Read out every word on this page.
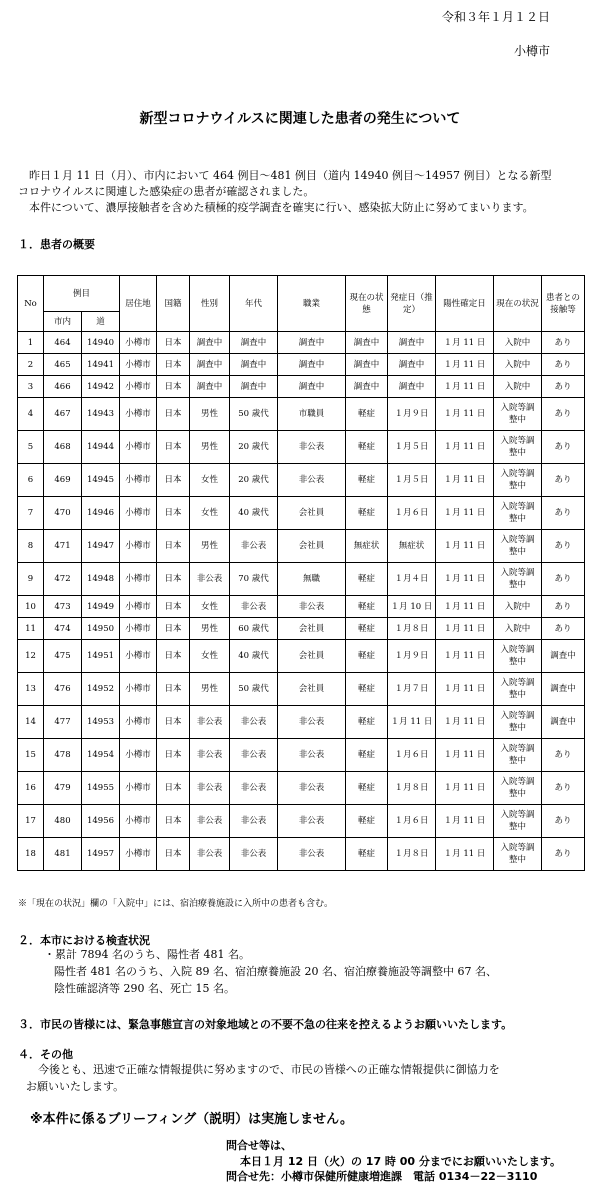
令和３年１月１２日
小樽市
新型コロナウイルスに関連した患者の発生について
昨日１月 11 日（月）、市内において 464 例目～481 例目（道内 14940 例目～14957 例目）となる新型
コロナウイルスに関連した感染症の患者が確認されました。
本件について、濃厚接触者を含めた積極的疫学調査を確実に行い、感染拡大防止に努めてまいります。
１．患者の概要
No	例目		居住地	国籍	性別	年代	職業	現在の状態	発症日（推定）	陽性確定日	現在の状況	患者との接触等
	市内	道										
1	464	14940	小樽市	日本	調査中	調査中	調査中	調査中	調査中	１月 11 日	入院中	あり
2	465	14941	小樽市	日本	調査中	調査中	調査中	調査中	調査中	１月 11 日	入院中	あり
3	466	14942	小樽市	日本	調査中	調査中	調査中	調査中	調査中	１月 11 日	入院中	あり
4	467	14943	小樽市	日本	男性	50 歳代	市職員	軽症	１月９日	１月 11 日	入院等調整中	あり
5	468	14944	小樽市	日本	男性	20 歳代	非公表	軽症	１月５日	１月 11 日	入院等調整中	あり
6	469	14945	小樽市	日本	女性	20 歳代	非公表	軽症	１月５日	１月 11 日	入院等調整中	あり
7	470	14946	小樽市	日本	女性	40 歳代	会社員	軽症	１月６日	１月 11 日	入院等調整中	あり
8	471	14947	小樽市	日本	男性	非公表	会社員	無症状	無症状	１月 11 日	入院等調整中	あり
9	472	14948	小樽市	日本	非公表	70 歳代	無職	軽症	１月４日	１月 11 日	入院等調整中	あり
10	473	14949	小樽市	日本	女性	非公表	非公表	軽症	１月 10 日	１月 11 日	入院中	あり
11	474	14950	小樽市	日本	男性	60 歳代	会社員	軽症	１月８日	１月 11 日	入院中	あり
12	475	14951	小樽市	日本	女性	40 歳代	会社員	軽症	１月９日	１月 11 日	入院等調整中	調査中
13	476	14952	小樽市	日本	男性	50 歳代	会社員	軽症	１月７日	１月 11 日	入院等調整中	調査中
14	477	14953	小樽市	日本	非公表	非公表	非公表	軽症	１月 11 日	１月 11 日	入院等調整中	調査中
15	478	14954	小樽市	日本	非公表	非公表	非公表	軽症	１月６日	１月 11 日	入院等調整中	あり
16	479	14955	小樽市	日本	非公表	非公表	非公表	軽症	１月８日	１月 11 日	入院等調整中	あり
17	480	14956	小樽市	日本	非公表	非公表	非公表	軽症	１月６日	１月 11 日	入院等調整中	あり
18	481	14957	小樽市	日本	非公表	非公表	非公表	軽症	１月８日	１月 11 日	入院等調整中	あり
※「現在の状況」欄の「入院中」には、宿泊療養施設に入所中の患者も含む。
２．本市における検査状況
・累計 7894 名のうち、陽性者 481 名。
陽性者 481 名のうち、入院 89 名、宿泊療養施設 20 名、宿泊療養施設等調整中 67 名、
陰性確認済等 290 名、死亡 15 名。
３．市民の皆様には、緊急事態宣言の対象地域との不要不急の往来を控えるようお願いいたします。
４．その他
今後とも、迅速で正確な情報提供に努めますので、市民の皆様への正確な情報提供に御協力を
お願いいたします。
※本件に係るブリーフィング（説明）は実施しません。
問合せ等は、
本日１月 12 日（火）の 17 時 00 分までにお願いいたします。
問合せ先：小樽市保健所健康増進課　電話 0134－22－3110
